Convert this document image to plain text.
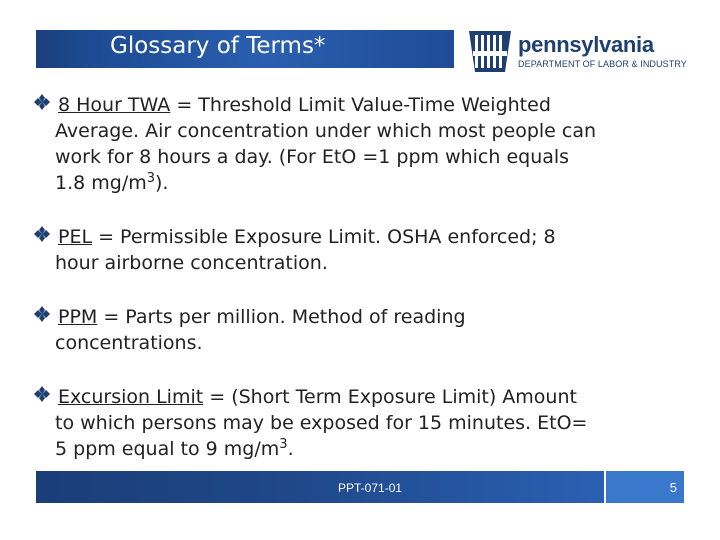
Glossary of Terms*	pennsylvania
DEPARTMENT OF LABOR & INDUSTRY
8 Hour TWA = Threshold Limit Value-Time Weighted
Average. Air concentration under which most people can
work for 8 hours a day. (For EtO =1 ppm which equals
1.8 $mg/m^3$).
PEL = Permissible Exposure Limit. OSHA enforced; 8
hour airborne concentration.
PPM = Parts per million. Method of reading
concentrations.
Excursion Limit = (Short Term Exposure Limit) Amount
to which persons may be exposed for 15 minutes. EtO=
5 ppm equal to 9 $mg/m^3$.
PPT-071-01	5
